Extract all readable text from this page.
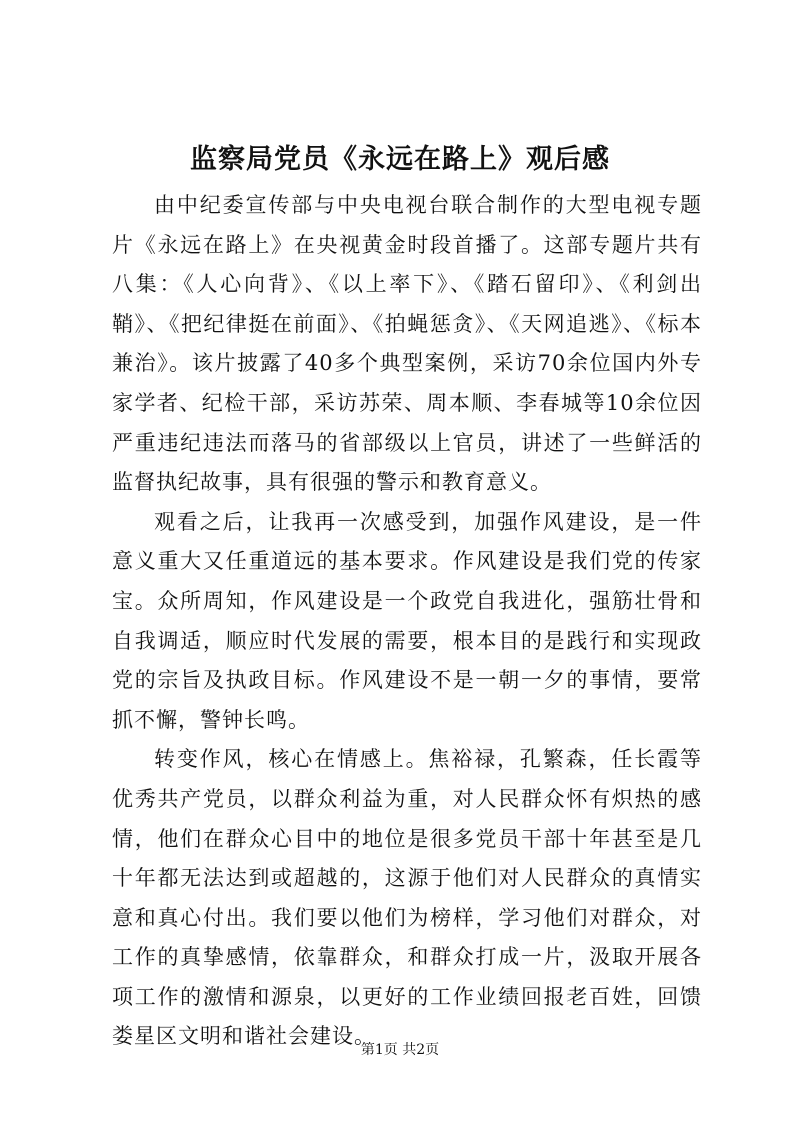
监察局党员《永远在路上》观后感

由中纪委宣传部与中央电视台联合制作的大型电视专题片《永远在路上》在央视黄金时段首播了。这部专题片共有八集：《人心向背》、《以上率下》、《踏石留印》、《利剑出鞘》、《把纪律挺在前面》、《拍蝇惩贪》、《天网追逃》、《标本兼治》。该片披露了40多个典型案例，采访70余位国内外专家学者、纪检干部，采访苏荣、周本顺、李春城等10余位因严重违纪违法而落马的省部级以上官员，讲述了一些鲜活的监督执纪故事，具有很强的警示和教育意义。

观看之后，让我再一次感受到，加强作风建设，是一件意义重大又任重道远的基本要求。作风建设是我们党的传家宝。众所周知，作风建设是一个政党自我进化，强筋壮骨和自我调适，顺应时代发展的需要，根本目的是践行和实现政党的宗旨及执政目标。作风建设不是一朝一夕的事情，要常抓不懈，警钟长鸣。

转变作风，核心在情感上。焦裕禄，孔繁森，任长霞等优秀共产党员，以群众利益为重，对人民群众怀有炽热的感情，他们在群众心目中的地位是很多党员干部十年甚至是几十年都无法达到或超越的，这源于他们对人民群众的真情实意和真心付出。我们要以他们为榜样，学习他们对群众，对工作的真挚感情，依靠群众，和群众打成一片，汲取开展各项工作的激情和源泉，以更好的工作业绩回报老百姓，回馈娄星区文明和谐社会建设。

第1页 共2页
